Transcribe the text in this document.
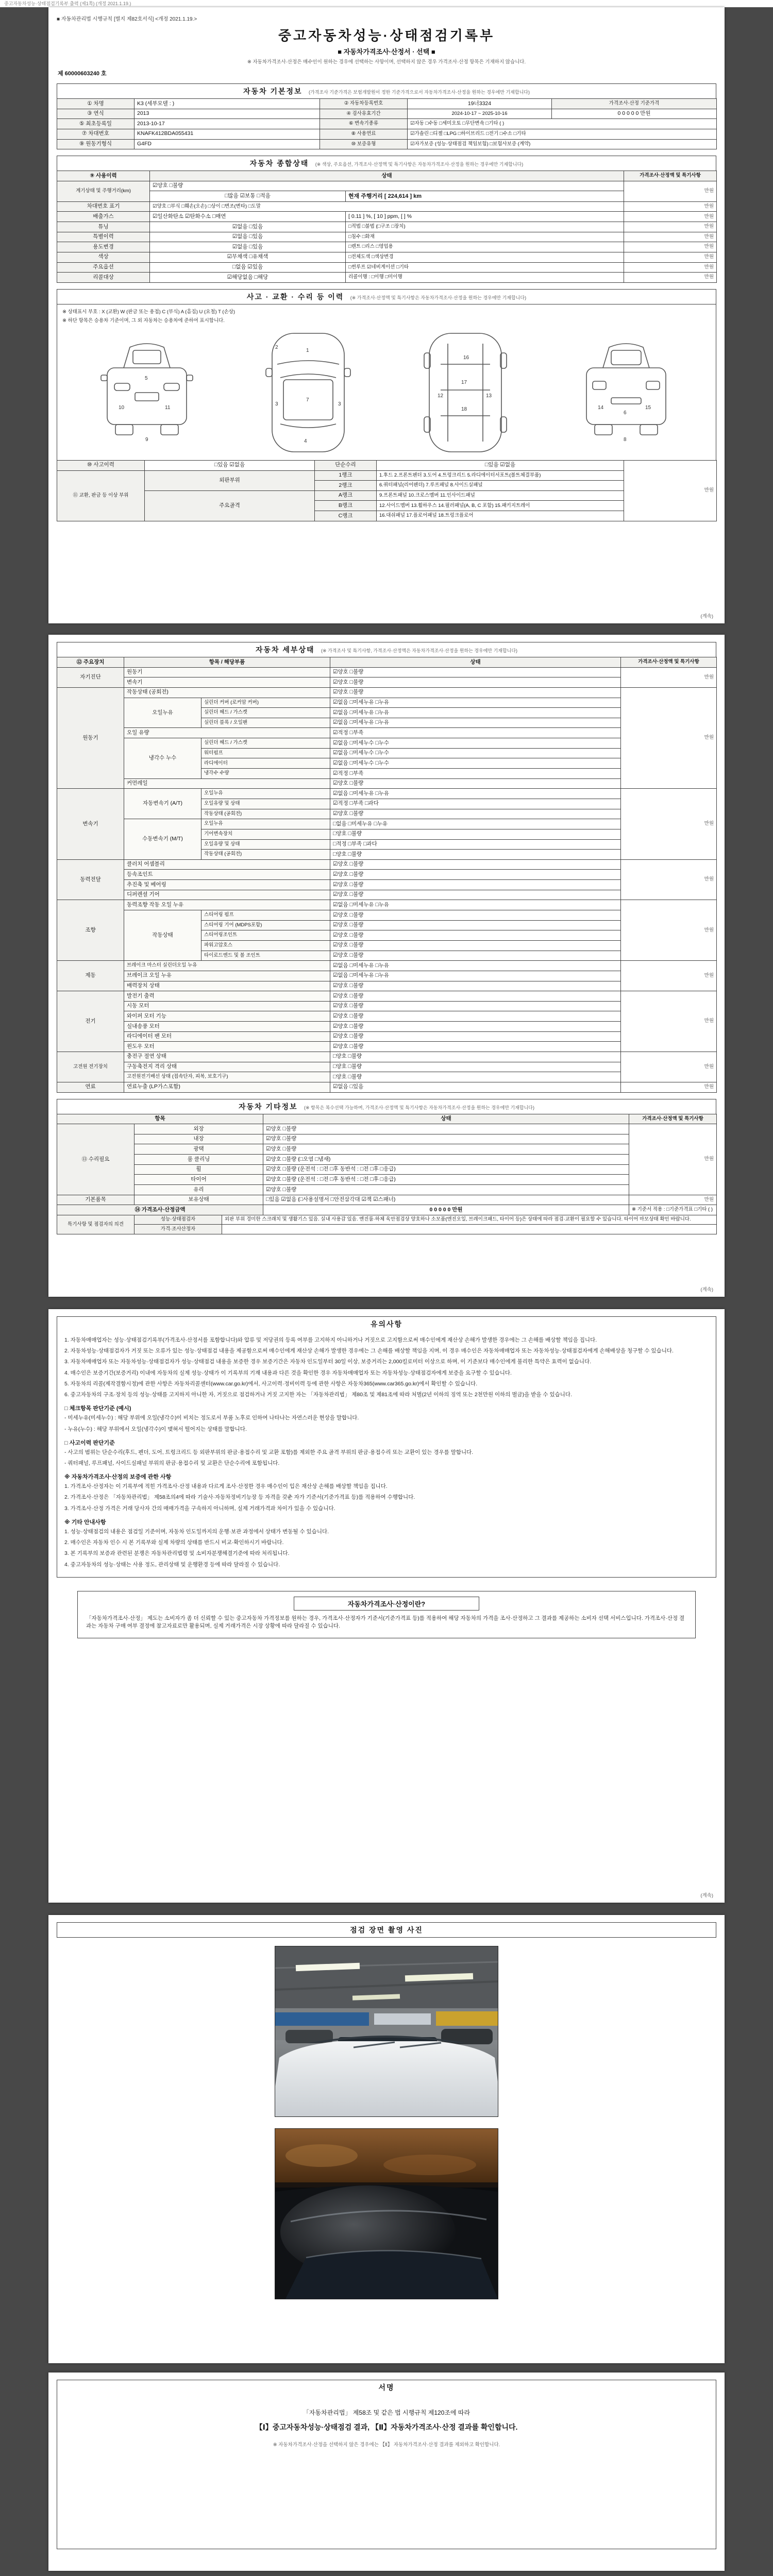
중고자동차성능·상태점검기록부 출력 (제1쪽) (개정 2021.1.19.)
■ 자동차관리법 시행규칙 [별지 제82호서식] <개정 2021.1.19.>
중고자동차성능·상태점검기록부
■ 자동차가격조사·산정서 · 선택 ■
※ 자동차가격조사·산정은 매수인이 원하는 경우에 선택하는 사항이며, 선택하지 않은 경우 가격조사·산정 항목은 기재하지 않습니다.
제 60000603240 호
자동차 기본정보 (가격조사 기준가격은 보험개발원이 정한 기준가격으로서 자동차가격조사·산정을 원하는 경우에만 기재합니다)
① 차명	K3 (세부모델 : )	② 자동차등록번호	19너3324	가격조사·산정 기준가격
③ 연식	2013	④ 검사유효기간	2024-10-17 ~ 2025-10-16	0 0 0 0 0 만원
⑤ 최초등록일	2013-10-17	⑥ 변속기종류	☑자동 □수동 □세미오토 □무단변속 □기타 ( )	
⑦ 차대번호	KNAFK412BDA055431	⑧ 사용연료	☑가솔린 □디젤 □LPG □하이브리드 □전기 □수소 □기타	
⑨ 원동기형식	G4FD	⑩ 보증유형	☑자가보증 (성능·상태점검 책임보험) □보험사보증 (계약)	
자동차 종합상태 (※ 색상, 주요옵션, 가격조사·산정액 및 특기사항은 자동차가격조사·산정을 원하는 경우에만 기재합니다)
⑨ 사용이력	상태		가격조사·산정액 및 특기사항
계기상태 및 주행거리(km)	☑양호 □불량		만원
	□많음 ☑보통 □적음	현재 주행거리 [ 224,614 ] km	
차대번호 표기	☑양호 □부식 □훼손(오손) □상이 □변조(변타) □도말		만원
배출가스	☑일산화탄소 ☑탄화수소 □매연	[ 0.11 ] %, [ 10 ] ppm, [ ] %	만원
튜닝	☑없음 □있음	□적법 □불법 (□구조 □장치)	만원
특별이력	☑없음 □있음	□침수 □화재	만원
용도변경	☑없음 □있음	□렌트 □리스 □영업용	만원
색상	☑무채색 □유채색	□전체도색 □색상변경	만원
주요옵션	□없음 ☑있음	□썬루프 ☑네비게이션 □기타	만원
리콜대상	☑해당없음 □해당	리콜이행 : □이행 □미이행	만원
사고 · 교환 · 수리 등 이력 (※ 가격조사·산정액 및 특기사항은 자동차가격조사·산정을 원하는 경우에만 기재합니다)
※ 상태표시 부호 : X (교환) W (판금 또는 용접) C (부식) A (흠집) U (요철) T (손상)
※ 하단 항목은 승용차 기준이며, 그 외 자동차는 승용차에 준하여 표시합니다.
9
10	11
5
1
7
4
3	3
2
16
17
18
12	13
6
8
14	15
⑩ 사고이력	□있음 ☑없음	단순수리	□있음 ☑없음	만원
⑪ 교환, 판금 등 이상 부위	외판부위	1랭크	1.후드 2.프론트펜더 3.도어 4.트렁크리드 5.라디에이터서포트(볼트체결부품)	
		2랭크	6.쿼터패널(리어펜더) 7.루프패널 8.사이드실패널	
	주요골격	A랭크	9.프론트패널 10.크로스멤버 11.인사이드패널	
		B랭크	12.사이드멤버 13.휠하우스 14.필러패널(A, B, C 포함) 15.패키지트레이	
		C랭크	16.대쉬패널 17.플로어패널 18.트렁크플로어	
(계속)
자동차 세부상태 (※ 가격조사 및 특기사항, 가격조사·산정액은 자동차가격조사·산정을 원하는 경우에만 기재합니다)
⑫ 주요장치	항목 / 해당부품		상태	가격조사·산정액 및 특기사항
자기진단	원동기		☑양호 □불량	만원
	변속기		☑양호 □불량	
원동기	작동상태 (공회전)		☑양호 □불량	만원
	오일누유	실린더 커버 (로커암 커버)	☑없음 □미세누유 □누유	
		실린더 헤드 / 가스켓	☑없음 □미세누유 □누유	
		실린더 블록 / 오일팬	☑없음 □미세누유 □누유	
	오일 유량		☑적정 □부족	
	냉각수 누수	실린더 헤드 / 가스켓	☑없음 □미세누수 □누수	
		워터펌프	☑없음 □미세누수 □누수	
		라디에이터	☑없음 □미세누수 □누수	
		냉각수 수량	☑적정 □부족	
	커먼레일		☑양호 □불량	
변속기	자동변속기 (A/T)	오일누유	☑없음 □미세누유 □누유	만원
		오일유량 및 상태	☑적정 □부족 □과다	
		작동상태 (공회전)	☑양호 □불량	
	수동변속기 (M/T)	오일누유	□없음 □미세누유 □누유	
		기어변속장치	□양호 □불량	
		오일유량 및 상태	□적정 □부족 □과다	
		작동상태 (공회전)	□양호 □불량	
동력전달	클러치 어셈블리		☑양호 □불량	만원
	등속조인트		☑양호 □불량	
	추진축 및 베어링		☑양호 □불량	
	디퍼렌셜 기어		☑양호 □불량	
조향	동력조향 작동 오일 누유		☑없음 □미세누유 □누유	만원
	작동상태	스티어링 펌프	☑양호 □불량	
		스티어링 기어 (MDPS포함)	☑양호 □불량	
		스티어링조인트	☑양호 □불량	
		파워고압호스	☑양호 □불량	
		타이로드엔드 및 볼 조인트	☑양호 □불량	
제동	브레이크 마스터 실린더오일 누유		☑없음 □미세누유 □누유	만원
	브레이크 오일 누유		☑없음 □미세누유 □누유	
	배력장치 상태		☑양호 □불량	
전기	발전기 출력		☑양호 □불량	만원
	시동 모터		☑양호 □불량	
	와이퍼 모터 기능		☑양호 □불량	
	실내송풍 모터		☑양호 □불량	
	라디에이터 팬 모터		☑양호 □불량	
	윈도우 모터		☑양호 □불량	
고전원 전기장치	충전구 절연 상태		□양호 □불량	만원
	구동축전지 격리 상태		□양호 □불량	
	고전원전기배선 상태 (접속단자, 피복, 보호기구)		□양호 □불량	
연료	연료누출 (LP가스포함)		☑없음 □있음	만원
자동차 기타정보 (※ 항목은 복수선택 가능하며, 가격조사·산정액 및 특기사항은 자동차가격조사·산정을 원하는 경우에만 기재합니다)
항목		상태	가격조사·산정액 및 특기사항
⑬ 수리필요	외장	☑양호 □불량	만원
	내장	☑양호 □불량	
	광택	☑양호 □불량	
	룸 클리닝	☑양호 □불량 (□오염 □냄새)	
	휠	☑양호 □불량 (운전석 : □전 □후 동반석 : □전 □후 □응급)	
	타이어	☑양호 □불량 (운전석 : □전 □후 동반석 : □전 □후 □응급)	
	유리	☑양호 □불량	
기본품목	보유상태	□있음 ☑없음 (□사용설명서 □안전삼각대 ☑잭 ☑스패너)	만원
⑭ 가격조사·산정금액		0 0 0 0 0 만원	※ 기준서 적용 : □기준가격표 □기타 ( )
특기사항 및 점검자의 의견	성능·상태점검자	외판 부위 경미한 스크래치 및 생활기스 있음. 실내 사용감 있음. 엔진룸·하체 육안점검상 양호하나 소모품(엔진오일, 브레이크패드, 타이어 등)은 상태에 따라 점검·교환이 필요할 수 있습니다. 타이어 마모상태 확인 바랍니다.
	가격·조사산정자	
(계속)
유의사항
1. 자동차매매업자는 성능·상태점검기록부(가격조사·산정서를 포함합니다)와 압류 및 저당권의 등록 여부를 고지하지 아니하거나 거짓으로 고지함으로써 매수인에게 재산상 손해가 발생한 경우에는 그 손해를 배상할 책임을 집니다.
2. 자동차성능·상태점검자가 거짓 또는 오류가 있는 성능·상태점검 내용을 제공함으로써 매수인에게 재산상 손해가 발생한 경우에는 그 손해를 배상할 책임을 지며, 이 경우 매수인은 자동차매매업자 또는 자동차성능·상태점검자에게 손해배상을 청구할 수 있습니다.
3. 자동차매매업자 또는 자동차성능·상태점검자가 성능·상태점검 내용을 보증한 경우 보증기간은 자동차 인도일부터 30일 이상, 보증거리는 2,000킬로미터 이상으로 하며, 이 기준보다 매수인에게 불리한 특약은 효력이 없습니다.
4. 매수인은 보증기간(보증거리) 이내에 자동차의 실제 성능·상태가 이 기록부의 기재 내용과 다른 것을 확인한 경우 자동차매매업자 또는 자동차성능·상태점검자에게 보증을 요구할 수 있습니다.
5. 자동차의 리콜(제작결함시정)에 관한 사항은 자동차리콜센터(www.car.go.kr)에서, 사고이력·정비이력 등에 관한 사항은 자동차365(www.car365.go.kr)에서 확인할 수 있습니다.
6. 중고자동차의 구조·장치 등의 성능·상태를 고지하지 아니한 자, 거짓으로 점검하거나 거짓 고지한 자는 「자동차관리법」 제80조 및 제81조에 따라 처벌(2년 이하의 징역 또는 2천만원 이하의 벌금)을 받을 수 있습니다.
□ 체크항목 판단기준 (예시)
- 미세누유(미세누수) : 해당 부위에 오일(냉각수)이 비치는 정도로서 부품 노후로 인하여 나타나는 자연스러운 현상을 말합니다.
- 누유(누수) : 해당 부위에서 오일(냉각수)이 맺혀서 떨어지는 상태를 말합니다.
□ 사고이력 판단기준
- 사고의 범위는 단순수리(후드, 펜더, 도어, 트렁크리드 등 외판부위의 판금·용접수리 및 교환 포함)를 제외한 주요 골격 부위의 판금·용접수리 또는 교환이 있는 경우를 말합니다.
- 쿼터패널, 루프패널, 사이드실패널 부위의 판금·용접수리 및 교환은 단순수리에 포함됩니다.
※ 자동차가격조사·산정의 보증에 관한 사항
1. 가격조사·산정자는 이 기록부에 적힌 가격조사·산정 내용과 다르게 조사·산정한 경우 매수인이 입은 재산상 손해를 배상할 책임을 집니다.
2. 가격조사·산정은 「자동차관리법」 제58조의4에 따라 기술사·자동차정비기능장 등 자격을 갖춘 자가 기준서(기준가격표 등)를 적용하여 수행합니다.
3. 가격조사·산정 가격은 거래 당사자 간의 매매가격을 구속하지 아니하며, 실제 거래가격과 차이가 있을 수 있습니다.
※ 기타 안내사항
1. 성능·상태점검의 내용은 점검일 기준이며, 자동차 인도일까지의 운행·보관 과정에서 상태가 변동될 수 있습니다.
2. 매수인은 자동차 인수 시 본 기록부와 실제 차량의 상태를 반드시 비교·확인하시기 바랍니다.
3. 본 기록부의 보증과 관련된 분쟁은 자동차관리법령 및 소비자분쟁해결기준에 따라 처리됩니다.
4. 중고자동차의 성능·상태는 사용 정도, 관리상태 및 운행환경 등에 따라 달라질 수 있습니다.
자동차가격조사·산정이란?
「자동차가격조사·산정」 제도는 소비자가 좀 더 신뢰할 수 있는 중고자동차 가격정보를 원하는 경우, 가격조사·산정자가 기준서(기준가격표 등)를 적용하여 해당 자동차의 가격을 조사·산정하고 그 결과를 제공하는 소비자 선택 서비스입니다. 가격조사·산정 결과는 자동차 구매 여부 결정에 참고자료로만 활용되며, 실제 거래가격은 시장 상황에 따라 달라질 수 있습니다.
(계속)
점검 장면 촬영 사진
서명
「자동차관리법」 제58조 및 같은 법 시행규칙 제120조에 따라
【Ⅰ】중고자동차성능·상태점검 결과, 【Ⅱ】자동차가격조사·산정 결과를 확인합니다.
※ 자동차가격조사·산정을 선택하지 않은 경우에는 【Ⅱ】 자동차가격조사·산정 결과를 제외하고 확인합니다.
